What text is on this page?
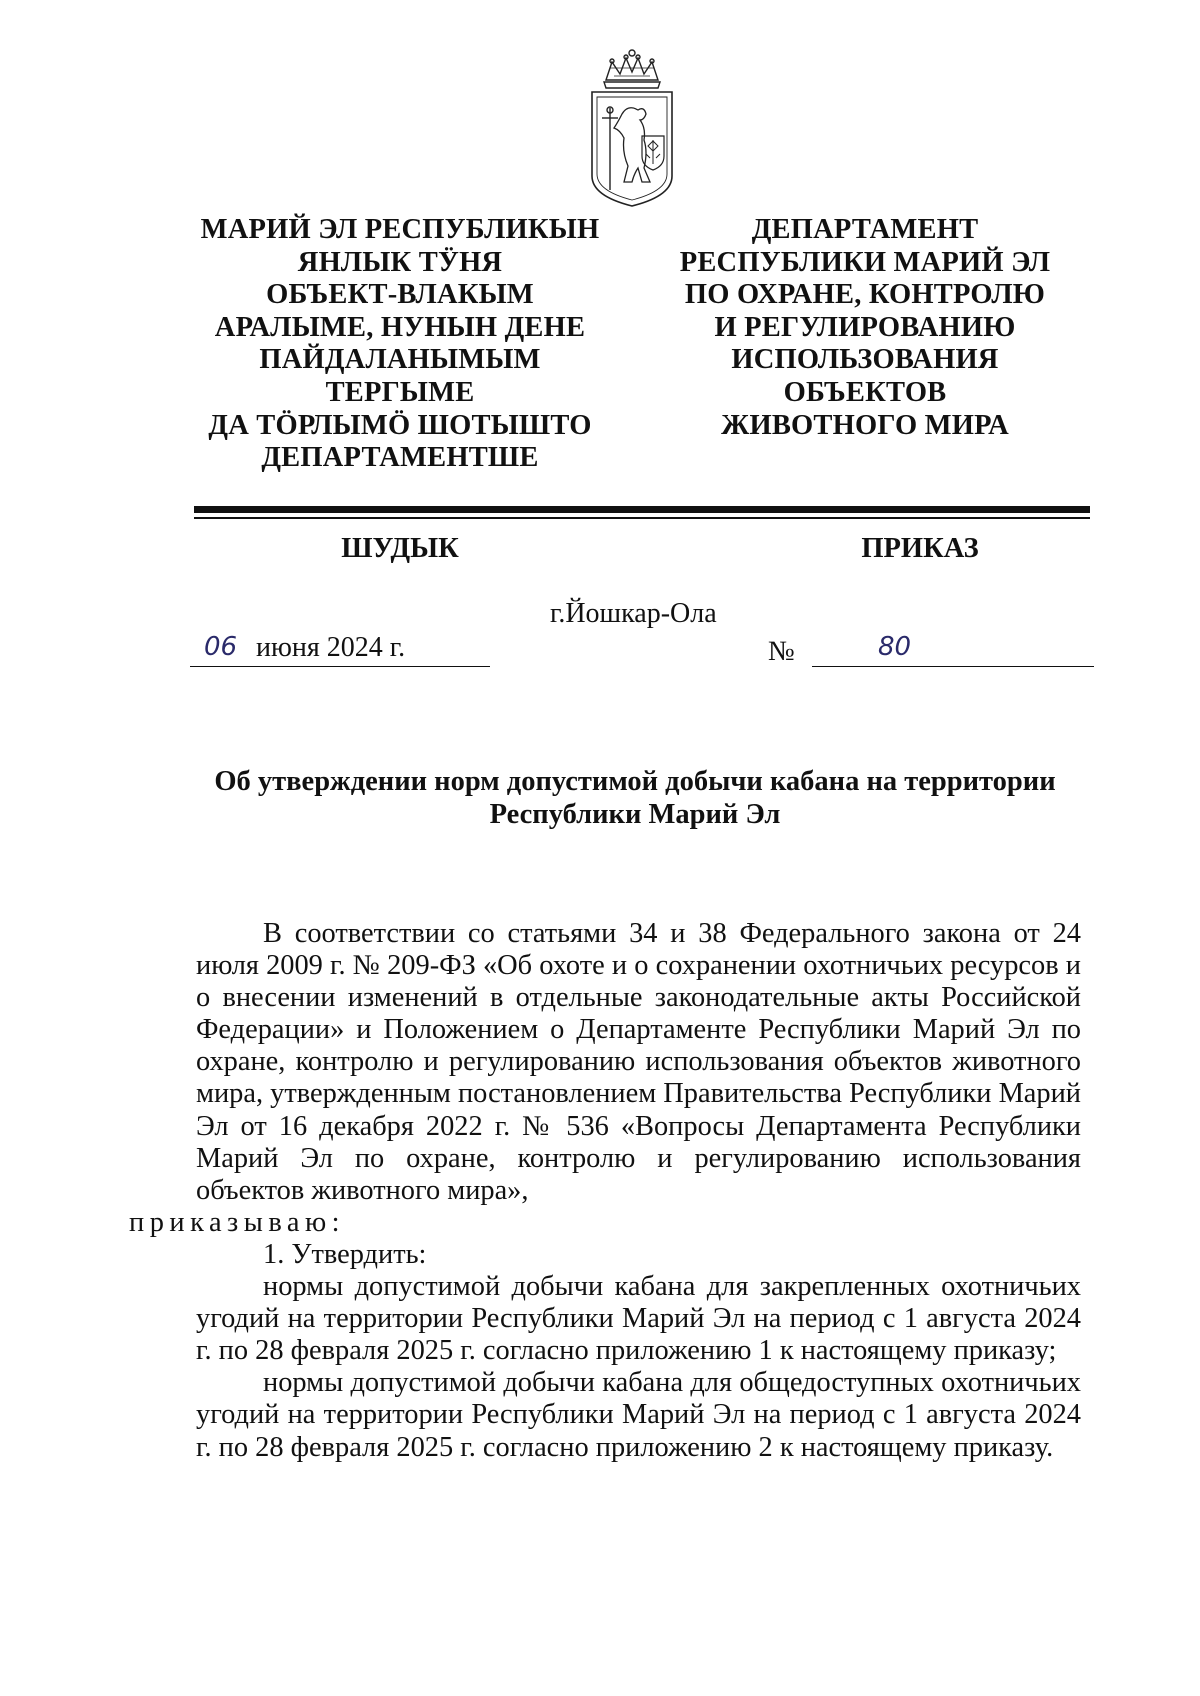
МАРИЙ ЭЛ РЕСПУБЛИКЫН
ЯНЛЫК ТӰНЯ
ОБЪЕКТ-ВЛАКЫМ
АРАЛЫМЕ, НУНЫН ДЕНЕ
ПАЙДАЛАНЫМЫМ
ТЕРГЫМЕ
ДА ТӦРЛЫМӦ ШОТЫШТО
ДЕПАРТАМЕНТШЕ
ДЕПАРТАМЕНТ
РЕСПУБЛИКИ МАРИЙ ЭЛ
ПО ОХРАНЕ, КОНТРОЛЮ
И РЕГУЛИРОВАНИЮ
ИСПОЛЬЗОВАНИЯ
ОБЪЕКТОВ
ЖИВОТНОГО МИРА
ШУДЫК	ПРИКАЗ
г.Йошкар-Ола
06 июня 2024 г.	№	80
Об утверждении норм допустимой добычи кабана на территории
Республики Марий Эл

В соответствии со статьями 34 и 38 Федерального закона от 24 июля 2009 г. № 209-ФЗ «Об охоте и о сохранении охотничьих ресурсов и о внесении изменений в отдельные законодательные акты Российской Федерации» и Положением о Департаменте Республики Марий Эл по охране, контролю и регулированию использования объектов животного мира, утвержденным постановлением Правительства Республики Марий Эл от 16 декабря 2022 г. № 536 «Вопросы Департамента Республики Марий Эл по охране, контролю и регулированию использования объектов животного мира»,
приказываю:

1. Утвердить:

нормы допустимой добычи кабана для закрепленных охотничьих угодий на территории Республики Марий Эл на период с 1 августа 2024 г. по 28 февраля 2025 г. согласно приложению 1 к настоящему приказу;

нормы допустимой добычи кабана для общедоступных охотничьих угодий на территории Республики Марий Эл на период с 1 августа 2024 г. по 28 февраля 2025 г. согласно приложению 2 к настоящему приказу.
